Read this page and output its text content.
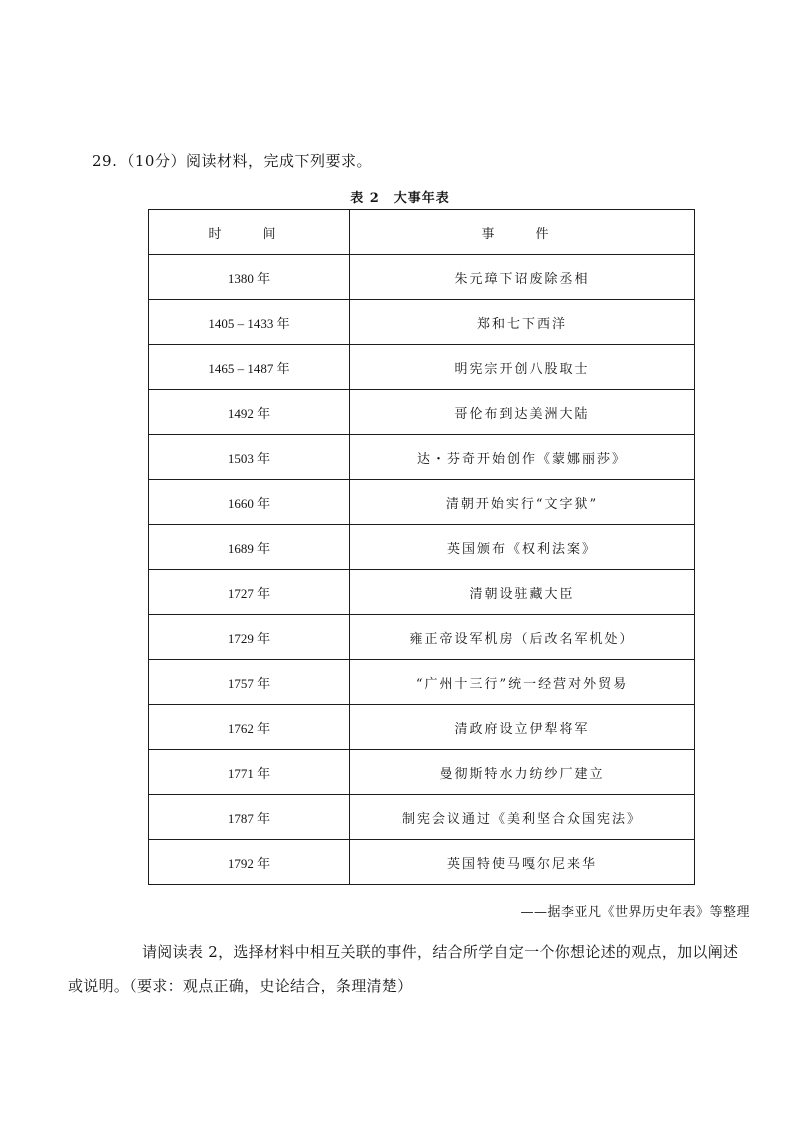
29. （10分）阅读材料，完成下列要求。
表 2 大事年表
时　间	事　件
1380 年	朱元璋下诏废除丞相
1405 – 1433 年	郑和七下西洋
1465 – 1487 年	明宪宗开创八股取士
1492 年	哥伦布到达美洲大陆
1503 年	达・芬奇开始创作《蒙娜丽莎》
1660 年	清朝开始实行“文字狱”
1689 年	英国颁布《权利法案》
1727 年	清朝设驻藏大臣
1729 年	雍正帝设军机房（后改名军机处）
1757 年	“广州十三行”统一经营对外贸易
1762 年	清政府设立伊犁将军
1771 年	曼彻斯特水力纺纱厂建立
1787 年	制宪会议通过《美利坚合众国宪法》
1792 年	英国特使马嘎尔尼来华
——据李亚凡《世界历史年表》等整理
请阅读表 2，选择材料中相互关联的事件，结合所学自定一个你想论述的观点，加以阐述
或说明。（要求：观点正确，史论结合，条理清楚）
